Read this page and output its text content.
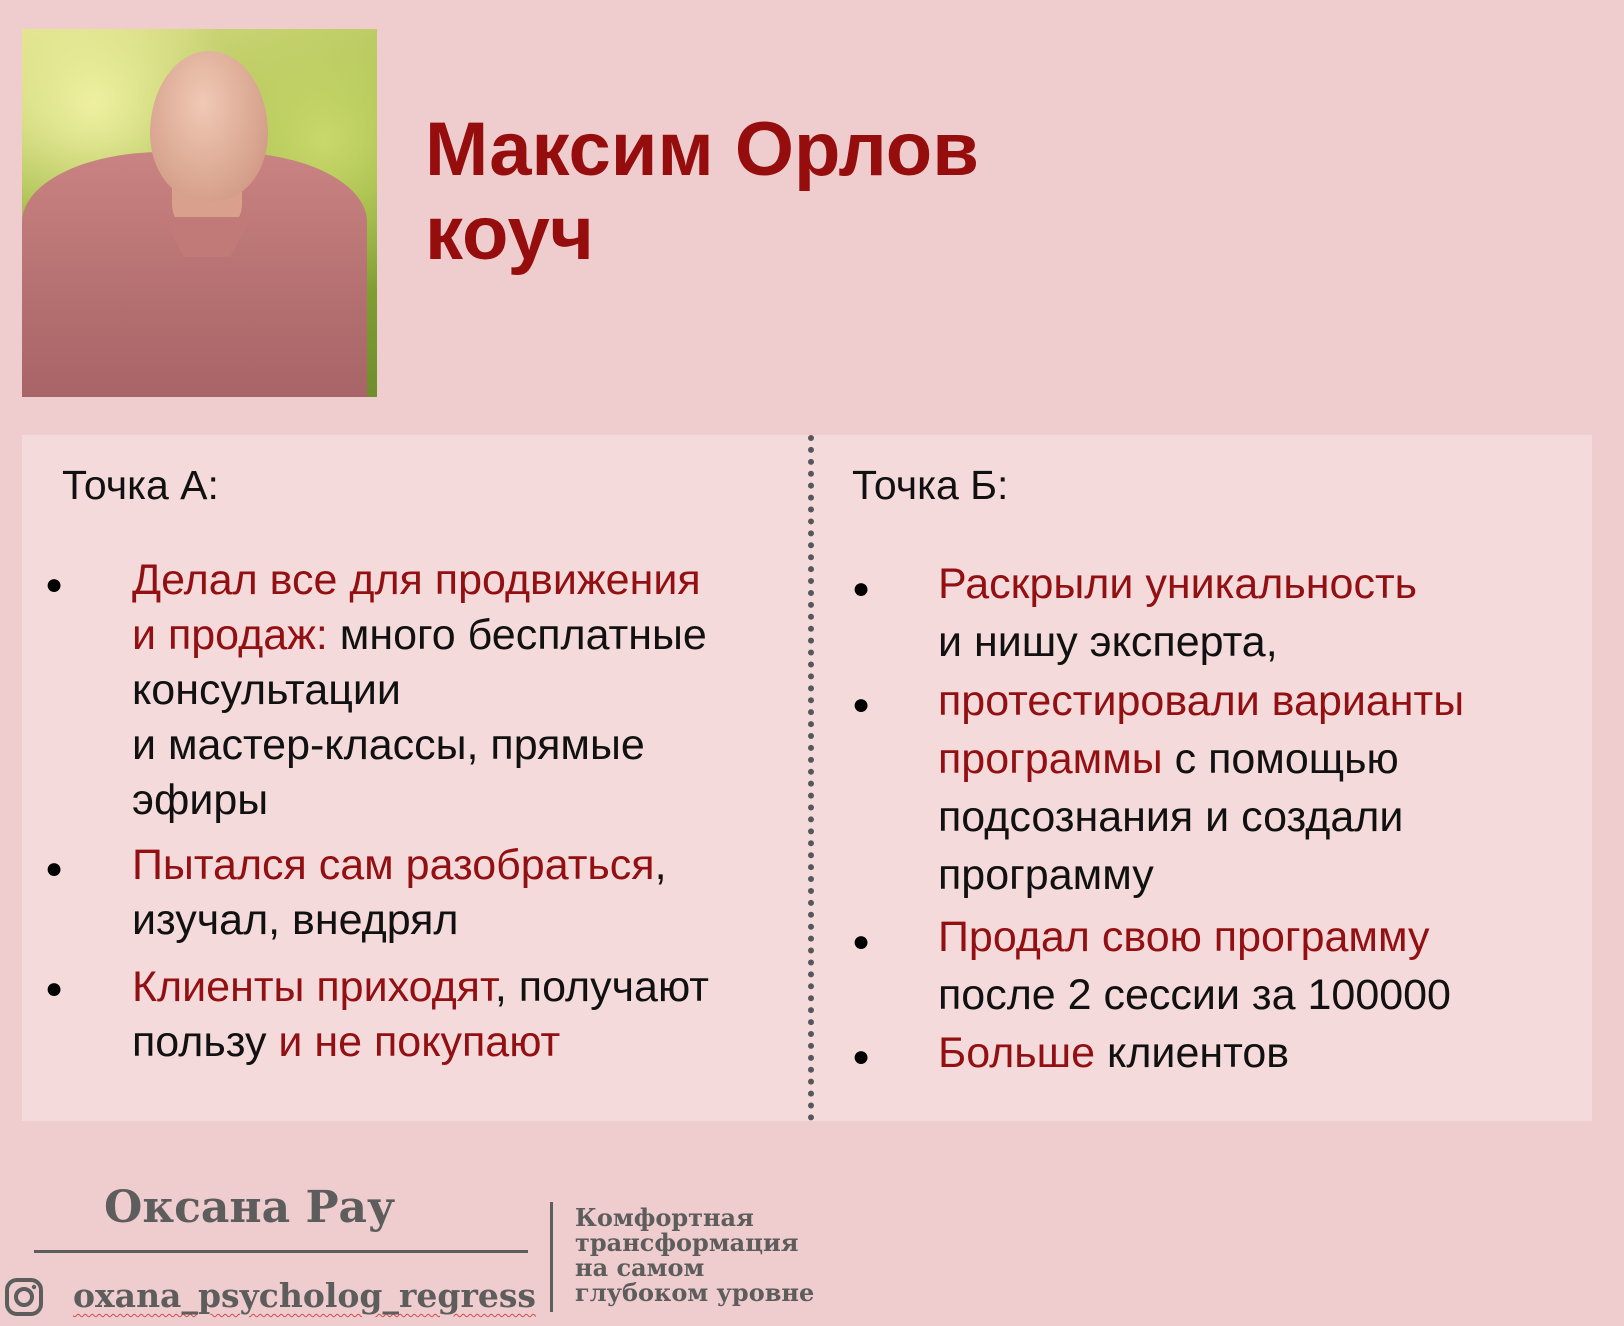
Максим Орлов
коуч
Точка А:
● Делал все для продвижения
и продаж: много бесплатные
консультации
и мастер-классы, прямые
эфиры
● Пытался сам разобраться,
изучал, внедрял
● Клиенты приходят, получают
пользу и не покупают
Точка Б:
● Раскрыли уникальность
и нишу эксперта,
● протестировали варианты
программы с помощью
подсознания и создали
программу
● Продал свою программу
после 2 сессии за 100000
● Больше клиентов
Оксана Рау	Комфортная
трансформация
на самом
глубоком уровне
oxana_psycholog_regress
